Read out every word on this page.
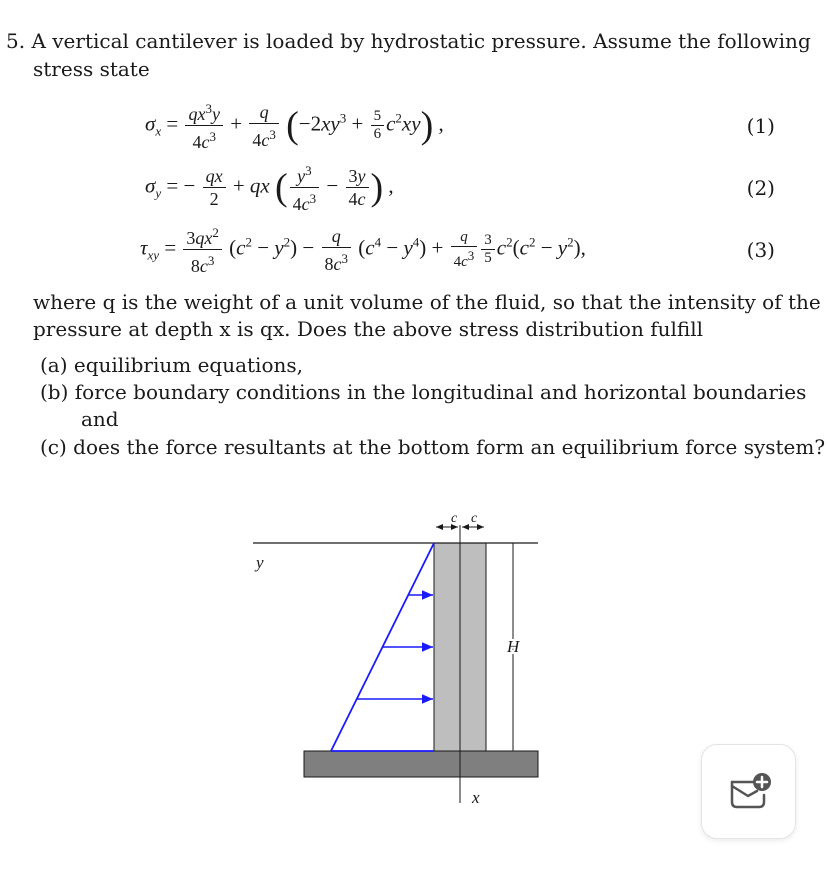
5. A vertical cantilever is loaded by hydrostatic pressure. Assume the following
stress state
$\sigma_x = \frac{qx^3y}{4c^3} + \frac{q}{4c^3} (-2xy^3 + \frac{5}{6} c^2xy)$ ,	(1)
$\sigma_y$ = − $\frac{qx}{2}$ + qx ( $\frac{y^3}{4c^3} - \frac{3y}{4c}$ ) ,	(2)
$\tau_{xy} = \frac{3qx^2}{8c^3} (c^2 - y^2) - \frac{q}{8c^3} (c^4 - y^4) + \frac{q}{4c^3} \frac{3}{5} c^2(c^2 - y^2)$,	(3)
where q is the weight of a unit volume of the fluid, so that the intensity of the
pressure at depth x is qx. Does the above stress distribution fulfill
(a) equilibrium equations,
(b) force boundary conditions in the longitudinal and horizontal boundaries
and
(c) does the force resultants at the bottom form an equilibrium force system?
y
x
c c
H
